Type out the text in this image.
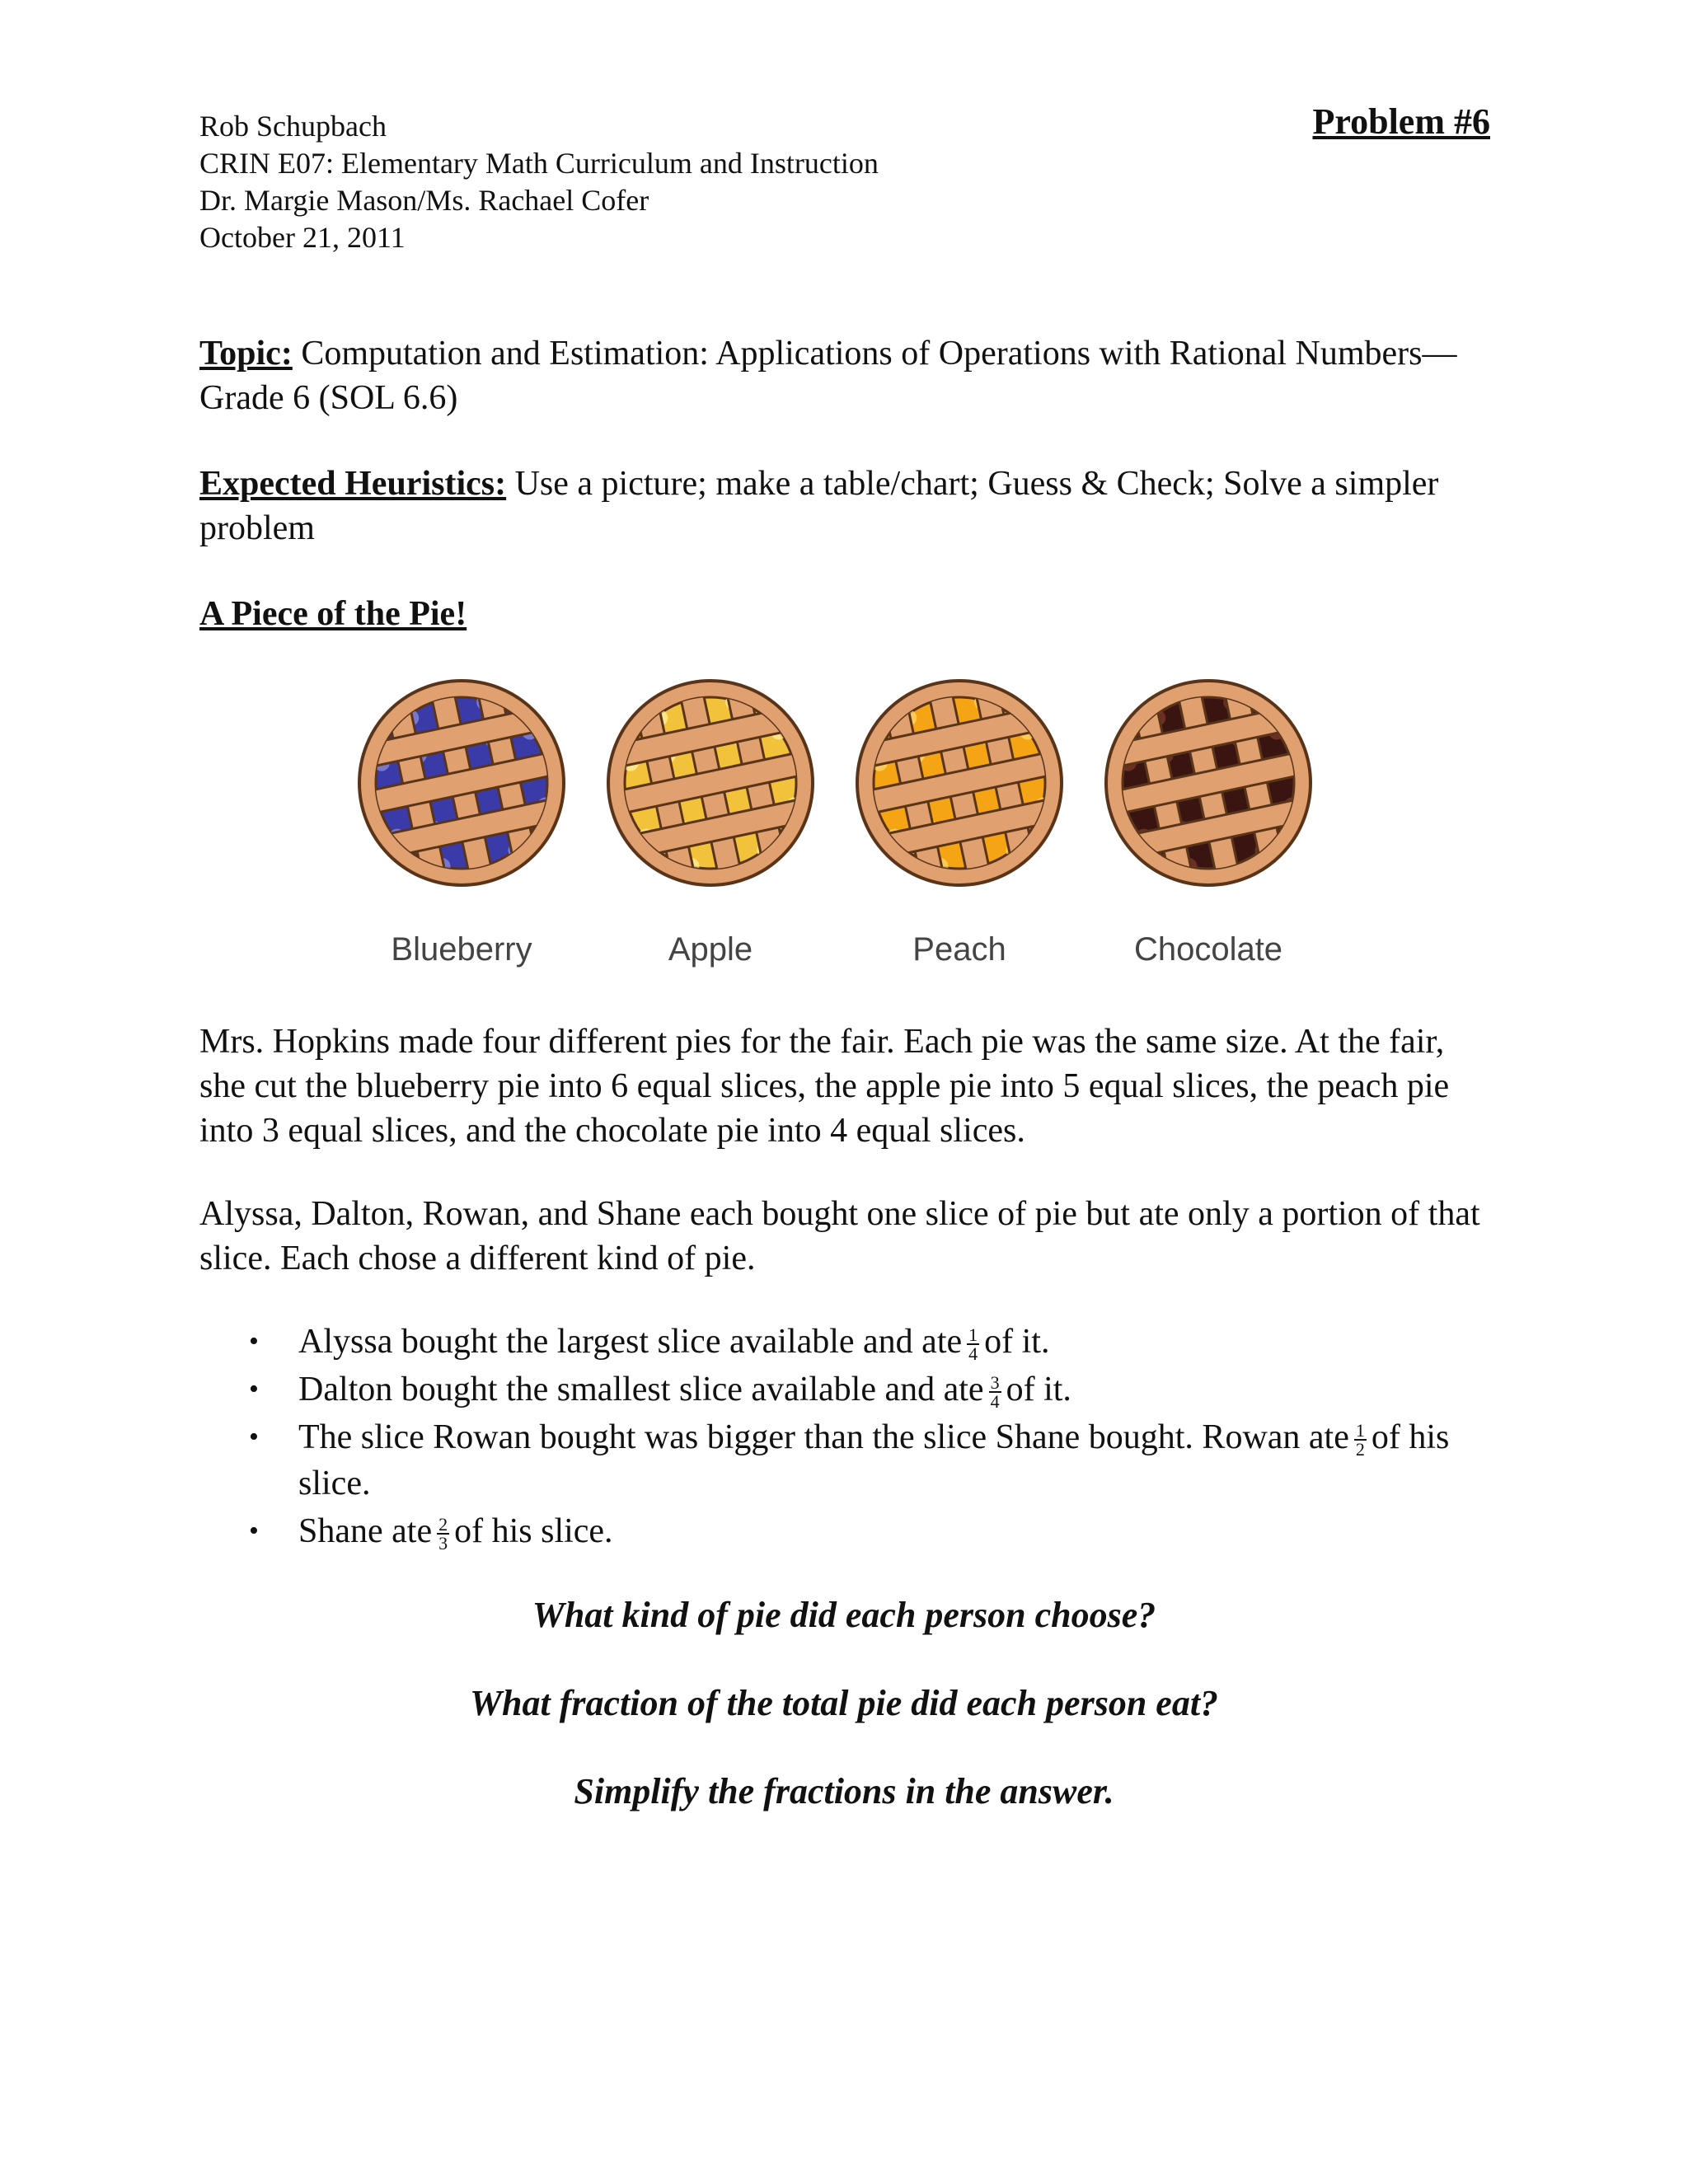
Rob Schupbach
CRIN E07: Elementary Math Curriculum and Instruction
Dr. Margie Mason/Ms. Rachael Cofer
October 21, 2011
Problem #6
Topic: Computation and Estimation: Applications of Operations with Rational Numbers—Grade 6 (SOL 6.6)
Expected Heuristics: Use a picture; make a table/chart; Guess & Check; Solve a simpler problem
A Piece of the Pie!
Blueberry	Apple	Peach	Chocolate
Mrs. Hopkins made four different pies for the fair. Each pie was the same size. At the fair, she cut the blueberry pie into 6 equal slices, the apple pie into 5 equal slices, the peach pie into 3 equal slices, and the chocolate pie into 4 equal slices.
Alyssa, Dalton, Rowan, and Shane each bought one slice of pie but ate only a portion of that slice. Each chose a different kind of pie.
• Alyssa bought the largest slice available and ate $\frac{1}{4}$ of it.
• Dalton bought the smallest slice available and ate $\frac{3}{4}$ of it.
• The slice Rowan bought was bigger than the slice Shane bought. Rowan ate $\frac{1}{2}$ of his slice.
• Shane ate $\frac{2}{3}$ of his slice.
What kind of pie did each person choose?
What fraction of the total pie did each person eat?
Simplify the fractions in the answer.
